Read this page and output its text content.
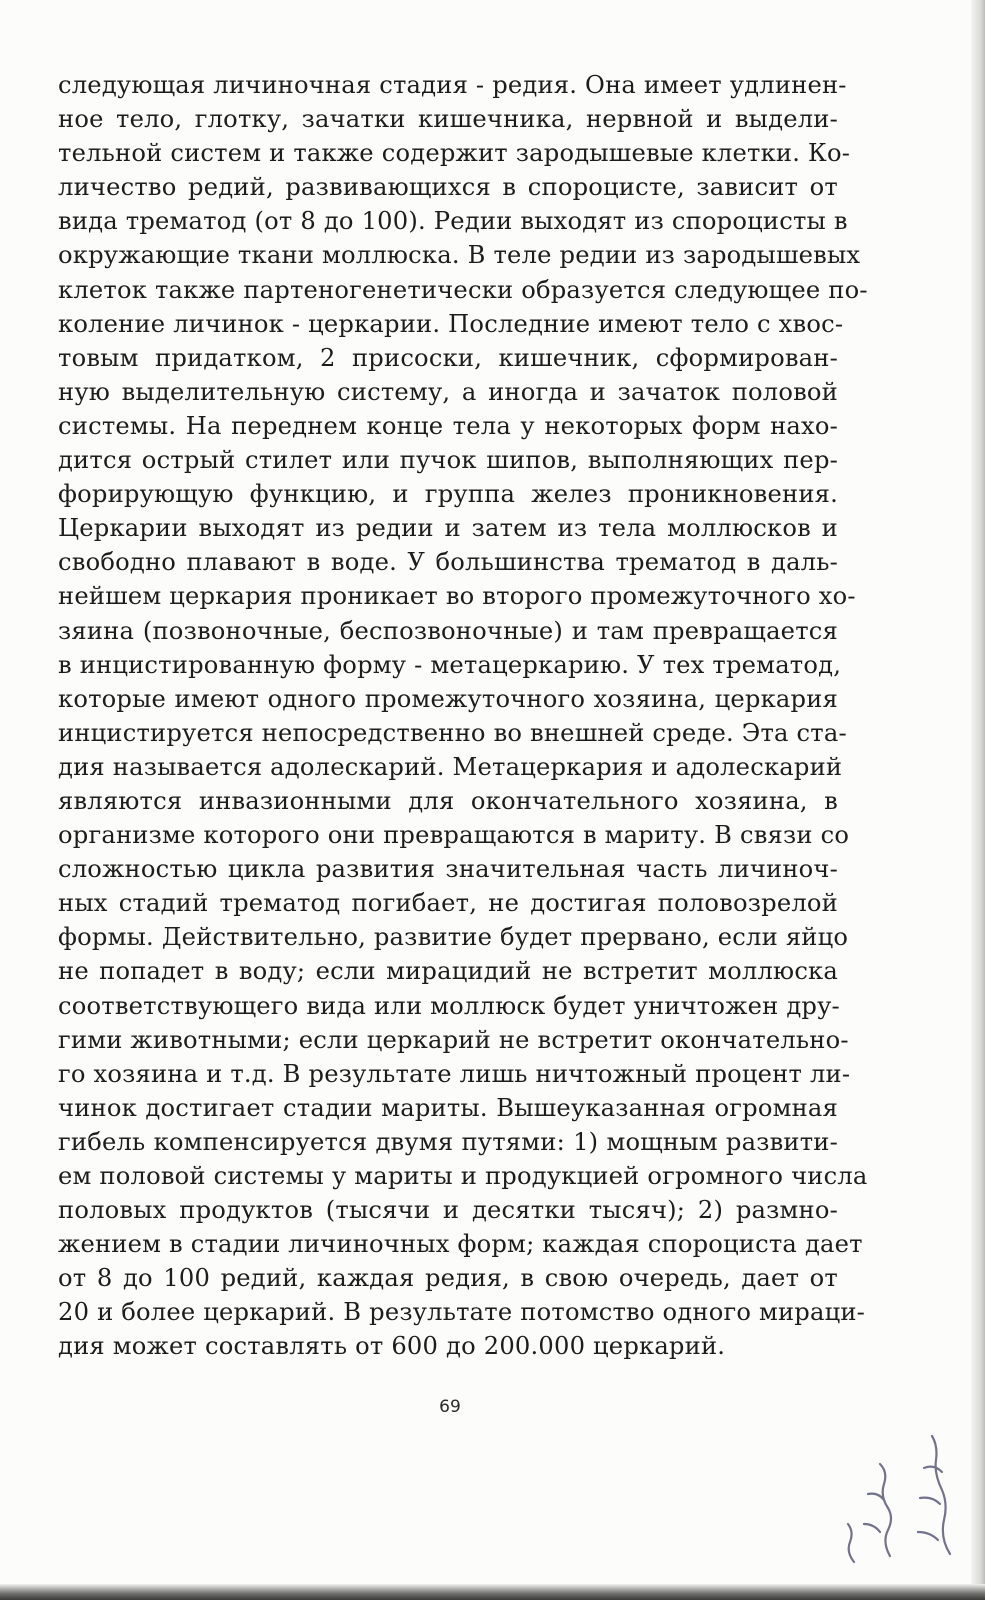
следующая личиночная стадия - редия. Она имеет удлинен-
ное тело, глотку, зачатки кишечника, нервной и выдели-
тельной систем и также содержит зародышевые клетки. Ко-
личество редий, развивающихся в спороцисте, зависит от
вида трематод (от 8 до 100). Редии выходят из спороцисты в
окружающие ткани моллюска. В теле редии из зародышевых
клеток также партеногенетически образуется следующее по-
коление личинок - церкарии. Последние имеют тело с хвос-
товым придатком, 2 присоски, кишечник, сформирован-
ную выделительную систему, а иногда и зачаток половой
системы. На переднем конце тела у некоторых форм нахо-
дится острый стилет или пучок шипов, выполняющих пер-
форирующую функцию, и группа желез проникновения.
Церкарии выходят из редии и затем из тела моллюсков и
свободно плавают в воде. У большинства трематод в даль-
нейшем церкария проникает во второго промежуточного хо-
зяина (позвоночные, беспозвоночные) и там превращается
в инцистированную форму - метацеркарию. У тех трематод,
которые имеют одного промежуточного хозяина, церкария
инцистируется непосредственно во внешней среде. Эта ста-
дия называется адолескарий. Метацеркария и адолескарий
являются инвазионными для окончательного хозяина, в
организме которого они превращаются в мариту. В связи со
сложностью цикла развития значительная часть личиноч-
ных стадий трематод погибает, не достигая половозрелой
формы. Действительно, развитие будет прервано, если яйцо
не попадет в воду; если мирацидий не встретит моллюска
соответствующего вида или моллюск будет уничтожен дру-
гими животными; если церкарий не встретит окончательно-
го хозяина и т.д. В результате лишь ничтожный процент ли-
чинок достигает стадии мариты. Вышеуказанная огромная
гибель компенсируется двумя путями: 1) мощным развити-
ем половой системы у мариты и продукцией огромного числа
половых продуктов (тысячи и десятки тысяч); 2) размно-
жением в стадии личиночных форм; каждая спороциста дает
от 8 до 100 редий, каждая редия, в свою очередь, дает от
20 и более церкарий. В результате потомство одного мираци-
дия может составлять от 600 до 200.000 церкарий.
69
